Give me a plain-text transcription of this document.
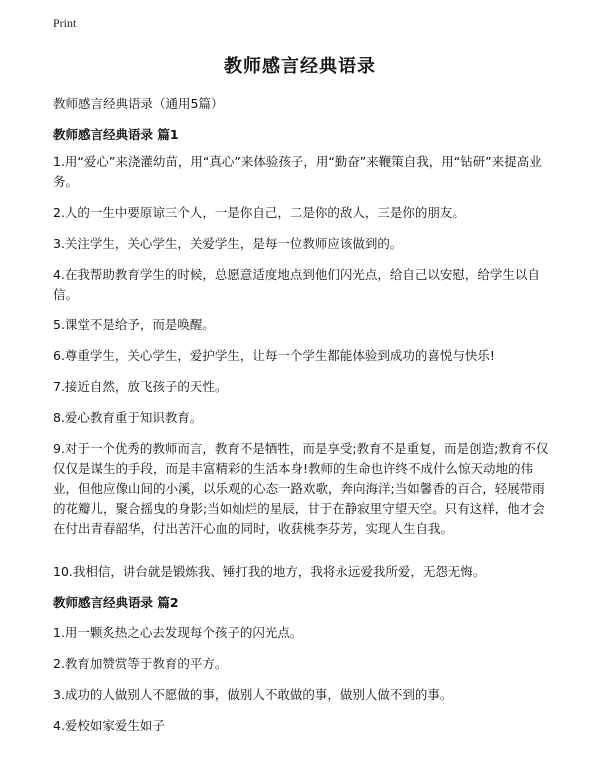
Print
教师感言经典语录
教师感言经典语录（通用5篇）
教师感言经典语录 篇1
1.用“爱心”来浇灌幼苗，用“真心”来体验孩子，用“勤奋”来鞭策自我，用“钻研”来提高业务。
2.人的一生中要原谅三个人，一是你自己，二是你的敌人，三是你的朋友。
3.关注学生，关心学生，关爱学生，是每一位教师应该做到的。
4.在我帮助教育学生的时候，总愿意适度地点到他们闪光点，给自己以安慰，给学生以自信。
5.课堂不是给予，而是唤醒。
6.尊重学生，关心学生，爱护学生，让每一个学生都能体验到成功的喜悦与快乐!
7.接近自然，放飞孩子的天性。
8.爱心教育重于知识教育。
9.对于一个优秀的教师而言，教育不是牺牲，而是享受;教育不是重复，而是创造;教育不仅仅仅是谋生的手段，而是丰富精彩的生活本身!教师的生命也许终不成什么惊天动地的伟业，但他应像山间的小溪，以乐观的心态一路欢歌，奔向海洋;当如馨香的百合，轻展带雨的花瓣儿，聚合摇曳的身影;当如灿烂的星辰，甘于在静寂里守望天空。只有这样，他才会在付出青春韶华，付出苦汗心血的同时，收获桃李芬芳，实现人生自我。
10.我相信，讲台就是锻炼我、锤打我的地方，我将永远爱我所爱，无怨无悔。
教师感言经典语录 篇2
1.用一颗炙热之心去发现每个孩子的闪光点。
2.教育加赞赏等于教育的平方。
3.成功的人做别人不愿做的事，做别人不敢做的事，做别人做不到的事。
4.爱校如家爱生如子
